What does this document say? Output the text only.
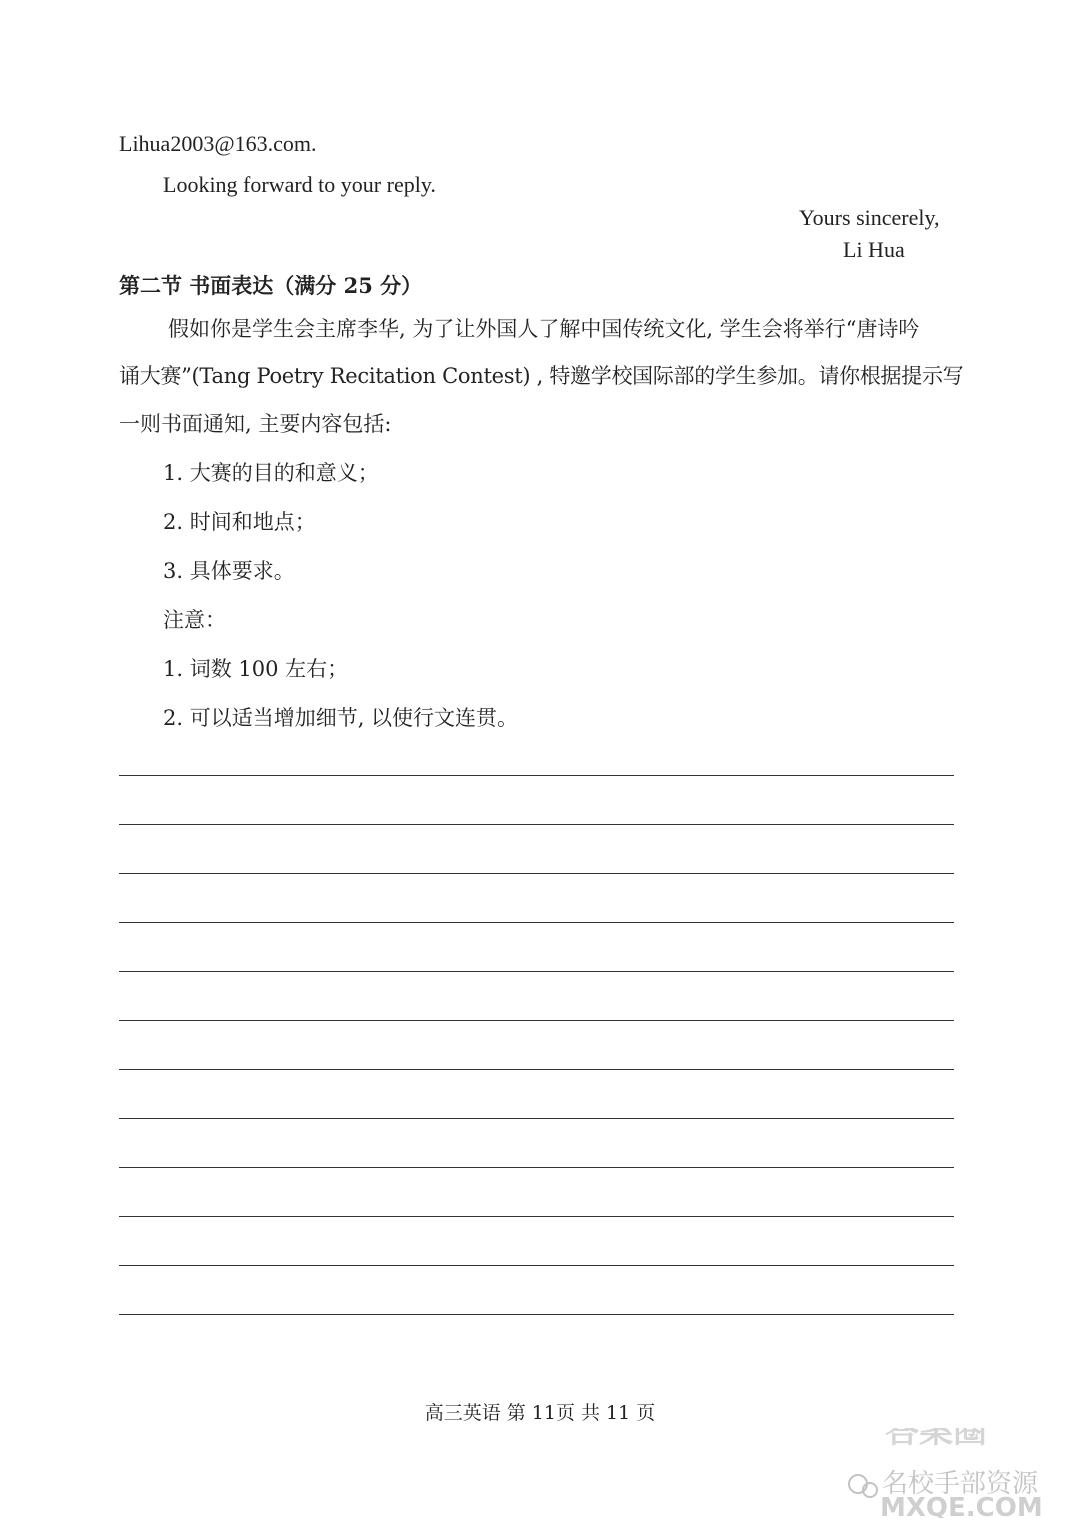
Lihua2003@163.com.
Looking forward to your reply.
Yours sincerely,
Li Hua
第二节 书面表达（满分 25 分）
假如你是学生会主席李华, 为了让外国人了解中国传统文化, 学生会将举行“唐诗吟
诵大赛”(Tang Poetry Recitation Contest) , 特邀学校国际部的学生参加。请你根据提示写
一则书面通知, 主要内容包括:
1. 大赛的目的和意义；
2. 时间和地点；
3. 具体要求。
注意：
1. 词数 100 左右；
2. 可以适当增加细节, 以使行文连贯。
高三英语 第 11页 共 11 页	答案圈
名校手部资源
MXQE.COM
